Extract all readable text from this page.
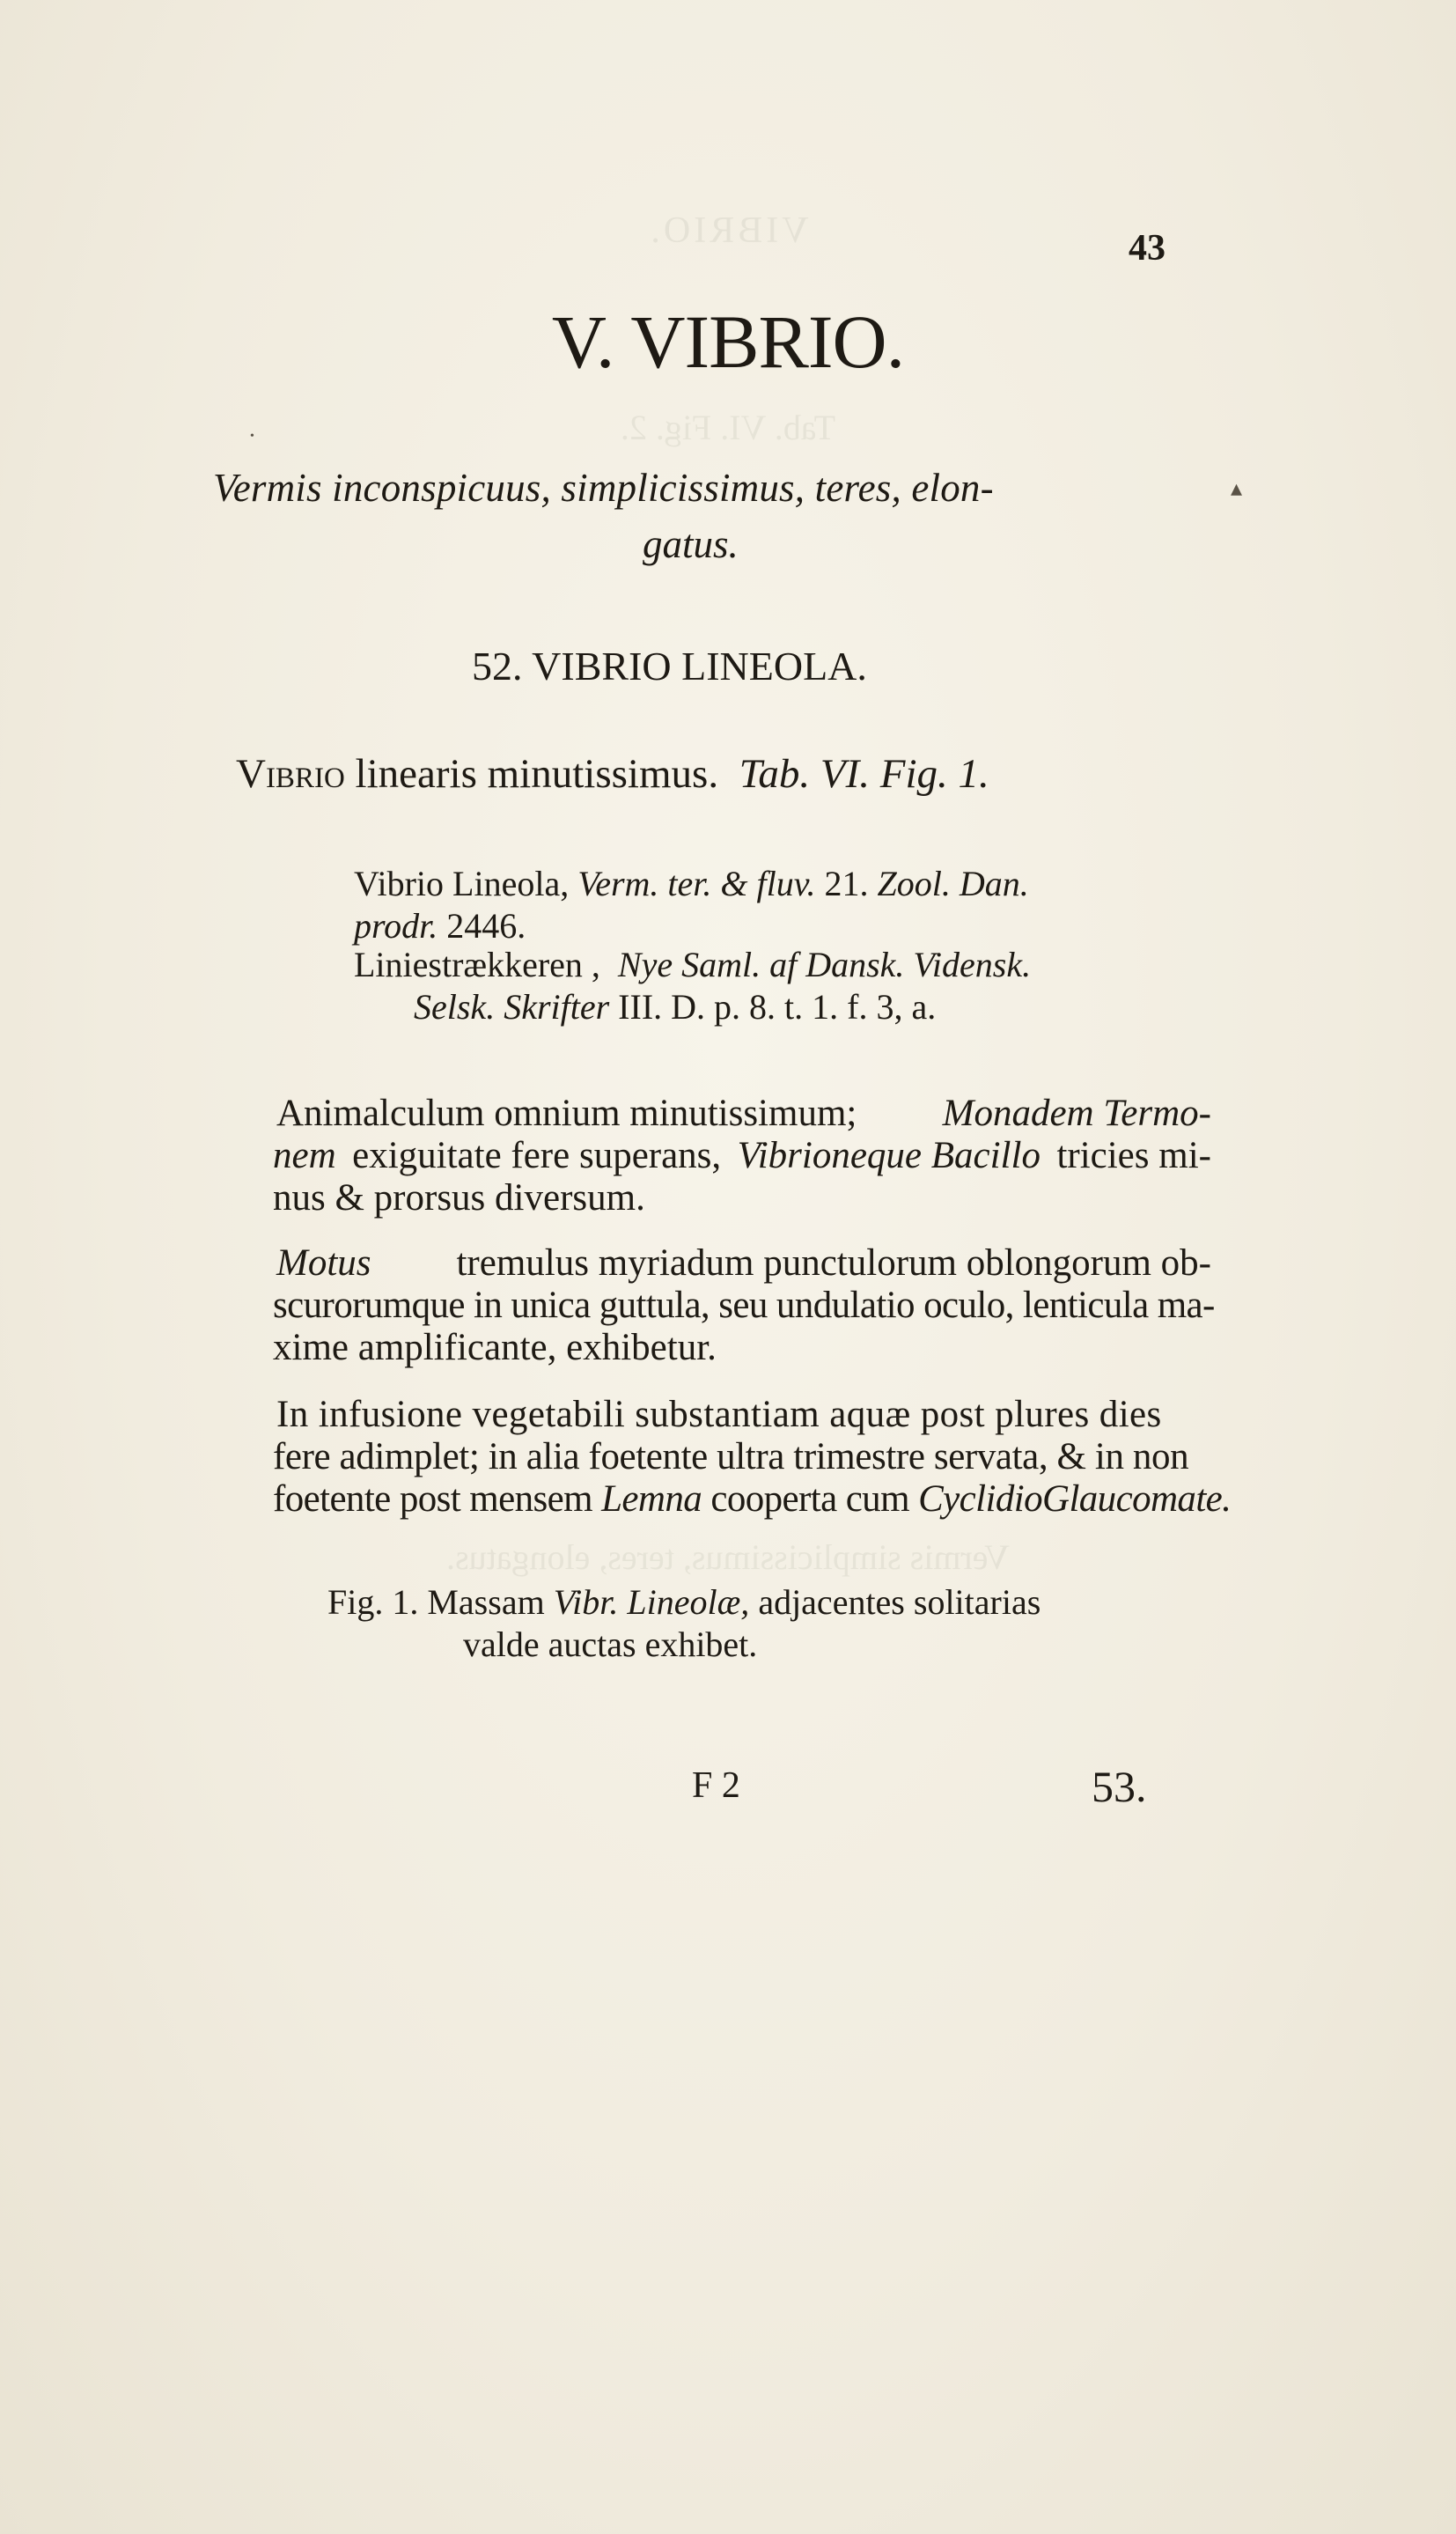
VIBRIO.
Tab. VI. Fig. 2.
Vermis simplicissimus, teres, elongatus.
▴
•
43
V. VIBRIO.
Vermis inconspicuus, simplicissimus, teres, elon-
gatus.
52. VIBRIO LINEOLA.
Vibrio linearis minutissimus. Tab. VI. Fig. 1.
Vibrio Lineola, Verm. ter. & fluv. 21. Zool. Dan.
prodr. 2446.
Liniestrækkeren , Nye Saml. af Dansk. Vidensk.
Selsk. Skrifter III. D. p. 8. t. 1. f. 3, a.
Animalculum omnium minutissimum; Monadem Termo-
nem exiguitate fere superans, Vibrioneque Bacillo tricies mi-
nus & prorsus diversum.
Motus	tremulus myriadum punctulorum oblongorum ob-
scurorumque in unica guttula, seu undulatio oculo, lenticula ma-
xime amplificante, exhibetur.
In infusione vegetabili substantiam aquæ post plures dies
fere adimplet; in alia foetente ultra trimestre servata, & in non
foetente post mensem Lemna cooperta cum CyclidioGlaucomate.
Fig. 1. Massam Vibr. Lineolæ, adjacentes solitarias
valde auctas exhibet.
F 2	53.
